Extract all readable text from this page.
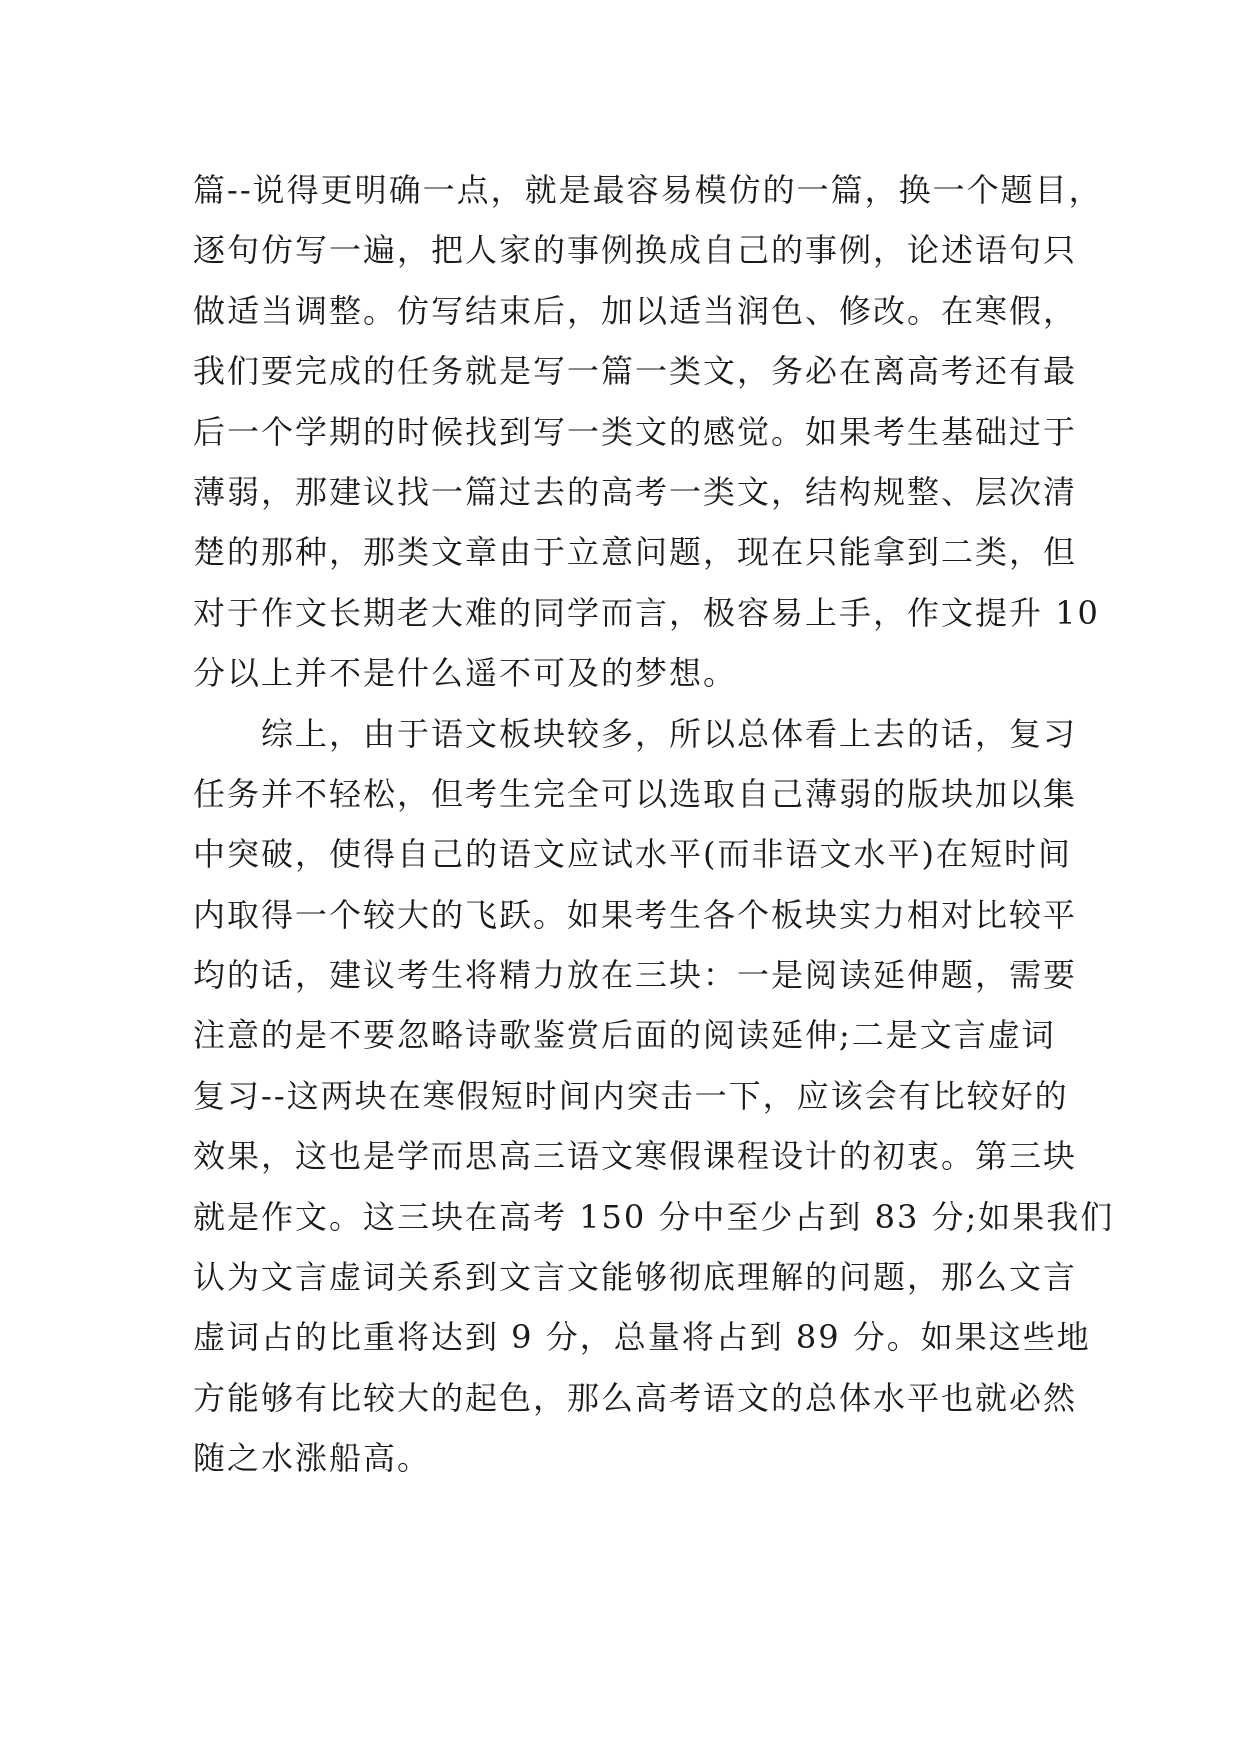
篇--说得更明确一点，就是最容易模仿的一篇，换一个题目，
逐句仿写一遍，把人家的事例换成自己的事例，论述语句只
做适当调整。仿写结束后，加以适当润色、修改。在寒假，
我们要完成的任务就是写一篇一类文，务必在离高考还有最
后一个学期的时候找到写一类文的感觉。如果考生基础过于
薄弱，那建议找一篇过去的高考一类文，结构规整、层次清
楚的那种，那类文章由于立意问题，现在只能拿到二类，但
对于作文长期老大难的同学而言，极容易上手，作文提升 10
分以上并不是什么遥不可及的梦想。
　　综上，由于语文板块较多，所以总体看上去的话，复习
任务并不轻松，但考生完全可以选取自己薄弱的版块加以集
中突破，使得自己的语文应试水平(而非语文水平)在短时间
内取得一个较大的飞跃。如果考生各个板块实力相对比较平
均的话，建议考生将精力放在三块：一是阅读延伸题，需要
注意的是不要忽略诗歌鉴赏后面的阅读延伸;二是文言虚词
复习--这两块在寒假短时间内突击一下，应该会有比较好的
效果，这也是学而思高三语文寒假课程设计的初衷。第三块
就是作文。这三块在高考 150 分中至少占到 83 分;如果我们
认为文言虚词关系到文言文能够彻底理解的问题，那么文言
虚词占的比重将达到 9 分，总量将占到 89 分。如果这些地
方能够有比较大的起色，那么高考语文的总体水平也就必然
随之水涨船高。
